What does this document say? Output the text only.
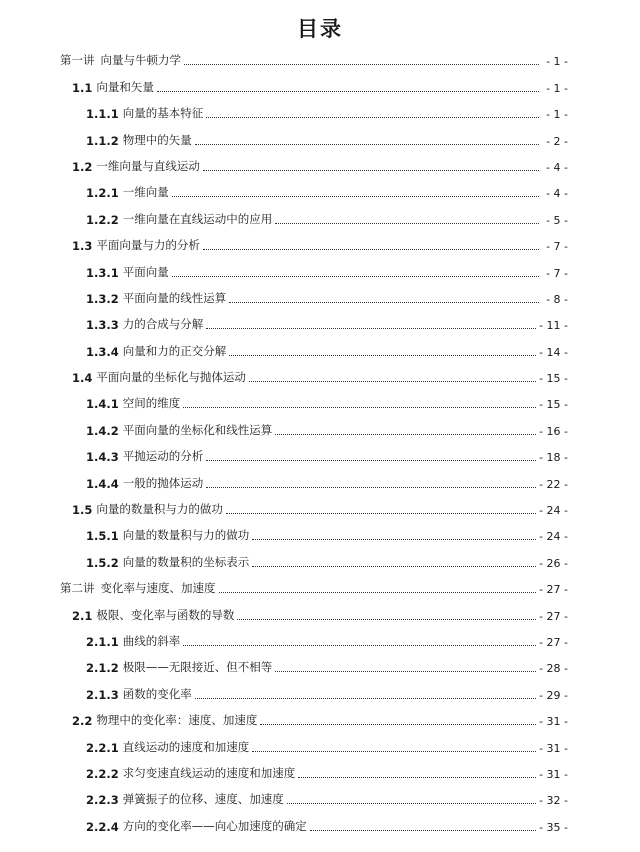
目录
第一讲 向量与牛顿力学	- 1 -
1.1 向量和矢量	- 1 -
1.1.1 向量的基本特征	- 1 -
1.1.2 物理中的矢量	- 2 -
1.2 一维向量与直线运动	- 4 -
1.2.1 一维向量	- 4 -
1.2.2 一维向量在直线运动中的应用	- 5 -
1.3 平面向量与力的分析	- 7 -
1.3.1 平面向量	- 7 -
1.3.2 平面向量的线性运算	- 8 -
1.3.3 力的合成与分解	- 11 -
1.3.4 向量和力的正交分解	- 14 -
1.4 平面向量的坐标化与抛体运动	- 15 -
1.4.1 空间的维度	- 15 -
1.4.2 平面向量的坐标化和线性运算	- 16 -
1.4.3 平抛运动的分析	- 18 -
1.4.4 一般的抛体运动	- 22 -
1.5 向量的数量积与力的做功	- 24 -
1.5.1 向量的数量积与力的做功	- 24 -
1.5.2 向量的数量积的坐标表示	- 26 -
第二讲 变化率与速度、加速度	- 27 -
2.1 极限、变化率与函数的导数	- 27 -
2.1.1 曲线的斜率	- 27 -
2.1.2 极限——无限接近、但不相等	- 28 -
2.1.3 函数的变化率	- 29 -
2.2 物理中的变化率：速度、加速度	- 31 -
2.2.1 直线运动的速度和加速度	- 31 -
2.2.2 求匀变速直线运动的速度和加速度	- 31 -
2.2.3 弹簧振子的位移、速度、加速度	- 32 -
2.2.4 方向的变化率——向心加速度的确定	- 35 -
